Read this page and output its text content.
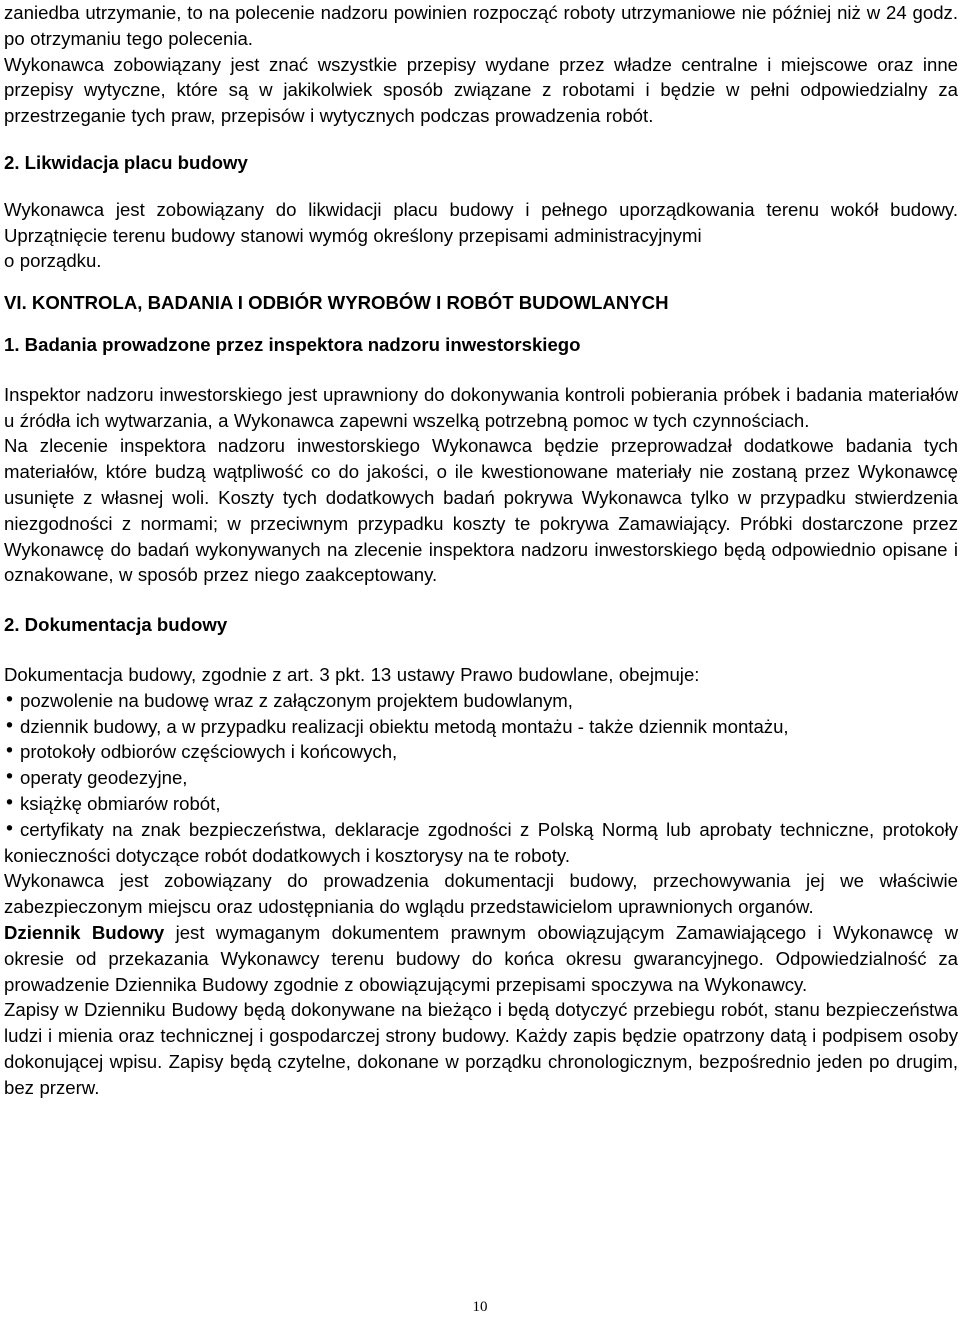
zaniedba utrzymanie, to na polecenie nadzoru powinien rozpocząć roboty utrzymaniowe nie później niż w 24 godz. po otrzymaniu tego polecenia.

Wykonawca zobowiązany jest znać wszystkie przepisy wydane przez władze centralne i miejscowe oraz inne przepisy wytyczne, które są w jakikolwiek sposób związane z robotami i będzie w pełni odpowiedzialny za przestrzeganie tych praw, przepisów i wytycznych podczas prowadzenia robót.

2. Likwidacja placu budowy

Wykonawca jest zobowiązany do likwidacji placu budowy i pełnego uporządkowania terenu wokół budowy. Uprzątnięcie terenu budowy stanowi wymóg określony przepisami administracyjnymi
o porządku.

VI. KONTROLA, BADANIA I ODBIÓR WYROBÓW I ROBÓT BUDOWLANYCH

1. Badania prowadzone przez inspektora nadzoru inwestorskiego

Inspektor nadzoru inwestorskiego jest uprawniony do dokonywania kontroli pobierania próbek i badania materiałów u źródła ich wytwarzania, a Wykonawca zapewni wszelką potrzebną pomoc w tych czynnościach.

Na zlecenie inspektora nadzoru inwestorskiego Wykonawca będzie przeprowadzał dodatkowe badania tych materiałów, które budzą wątpliwość co do jakości, o ile kwestionowane materiały nie zostaną przez Wykonawcę usunięte z własnej woli. Koszty tych dodatkowych badań pokrywa Wykonawca tylko w przypadku stwierdzenia niezgodności z normami; w przeciwnym przypadku koszty te pokrywa Zamawiający. Próbki dostarczone przez Wykonawcę do badań wykonywanych na zlecenie inspektora nadzoru inwestorskiego będą odpowiednio opisane i oznakowane, w sposób przez niego zaakceptowany.

2. Dokumentacja budowy

Dokumentacja budowy, zgodnie z art. 3 pkt. 13 ustawy Prawo budowlane, obejmuje:

• pozwolenie na budowę wraz z załączonym projektem budowlanym,
• dziennik budowy, a w przypadku realizacji obiektu metodą montażu - także dziennik montażu,
• protokoły odbiorów częściowych i końcowych,
• operaty geodezyjne,
• książkę obmiarów robót,
• certyfikaty na znak bezpieczeństwa, deklaracje zgodności z Polską Normą lub aprobaty techniczne, protokoły konieczności dotyczące robót dodatkowych i kosztorysy na te roboty.

Wykonawca jest zobowiązany do prowadzenia dokumentacji budowy, przechowywania jej we właściwie zabezpieczonym miejscu oraz udostępniania do wglądu przedstawicielom uprawnionych organów.

Dziennik Budowy jest wymaganym dokumentem prawnym obowiązującym Zamawiającego i Wykonawcę w okresie od przekazania Wykonawcy terenu budowy do końca okresu gwarancyjnego. Odpowiedzialność za prowadzenie Dziennika Budowy zgodnie z obowiązującymi przepisami spoczywa na Wykonawcy.

Zapisy w Dzienniku Budowy będą dokonywane na bieżąco i będą dotyczyć przebiegu robót, stanu bezpieczeństwa ludzi i mienia oraz technicznej i gospodarczej strony budowy. Każdy zapis będzie opatrzony datą i podpisem osoby dokonującej wpisu. Zapisy będą czytelne, dokonane w porządku chronologicznym, bezpośrednio jeden po drugim, bez przerw.

10
